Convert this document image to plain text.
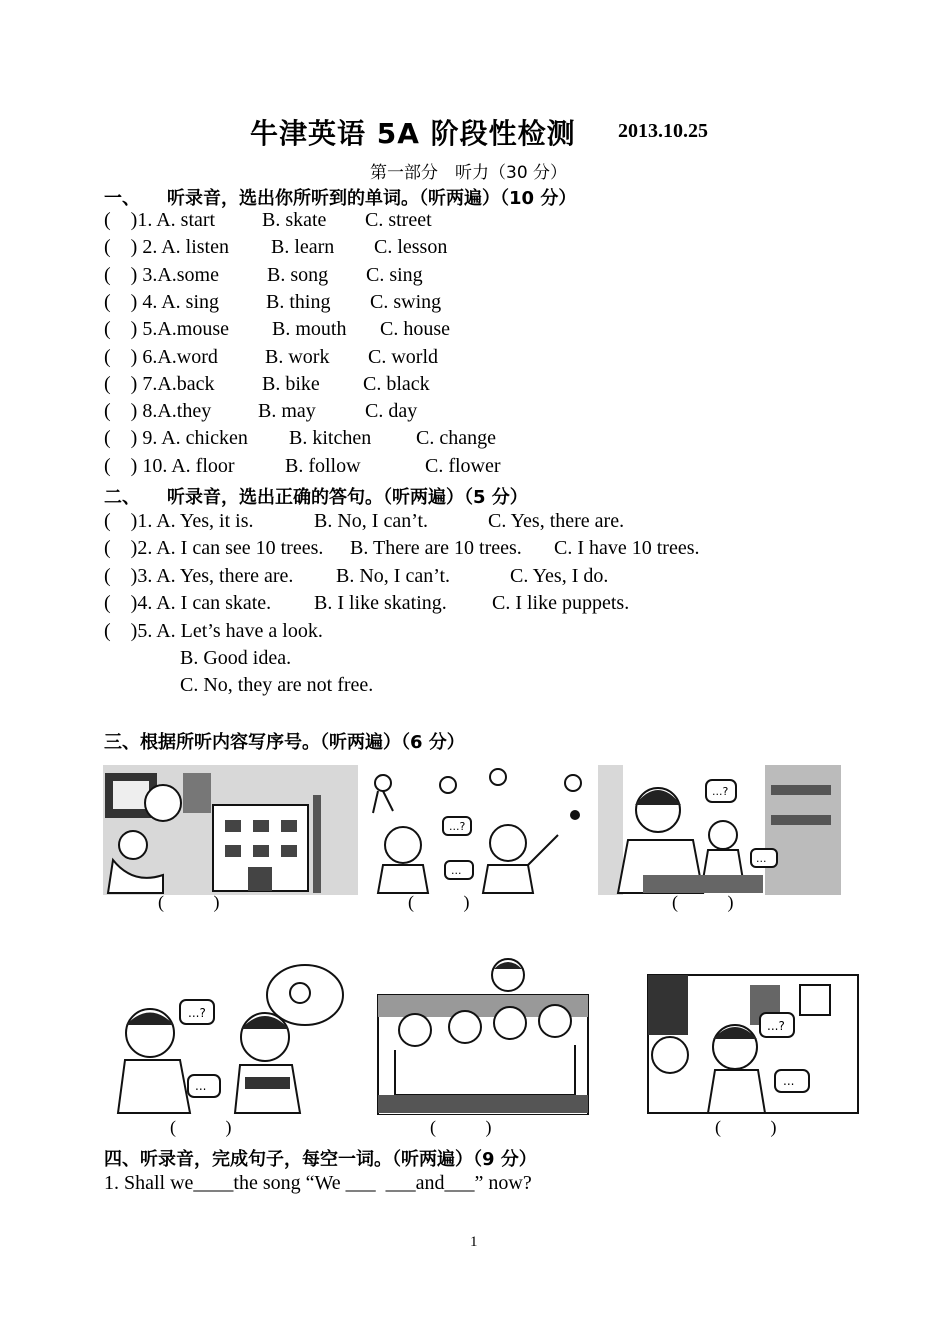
牛津英语 5A 阶段性检测 2013.10.25
第一部分　听力（30 分）
一、　　听录音，选出你所听到的单词。（听两遍）（10 分）
(    )1. A. start B. skate C. street
(    ) 2. A. listen B. learn C. lesson
(    ) 3.A.some B. song C. sing
(    ) 4. A. sing B. thing C. swing
(    ) 5.A.mouse B. mouth C. house
(    ) 6.A.word B. work C. world
(    ) 7.A.back B. bike C. black
(    ) 8.A.they B. may C. day
(    ) 9. A. chicken B. kitchen C. change
(    ) 10. A. floor	B. follow	C. flower
二、　　听录音，选出正确的答句。（听两遍）（5 分）
(    )1. A. Yes, it is.	B. No, I can’t.	C. Yes, there are.
(    )2. A. I can see 10 trees. B. There are 10 trees. C. I have 10 trees.
(    )3. A. Yes, there are. B. No, I can’t.	C. Yes, I do.
(    )4. A. I can skate. B. I like skating. C. I like puppets.
(    )5. A. Let’s have a look.
B. Good idea.
C. No, they are not free.
三、根据所听内容写序号。（听两遍）（6 分）
...?
...
...?
...
(           )	(           )	(           )
...?
...
...?
...
(           )	(           )	(           )
四、听录音，完成句子，每空一词。（听两遍）（9 分）
1. Shall we____the song “We ___  ___and___” now?
1
